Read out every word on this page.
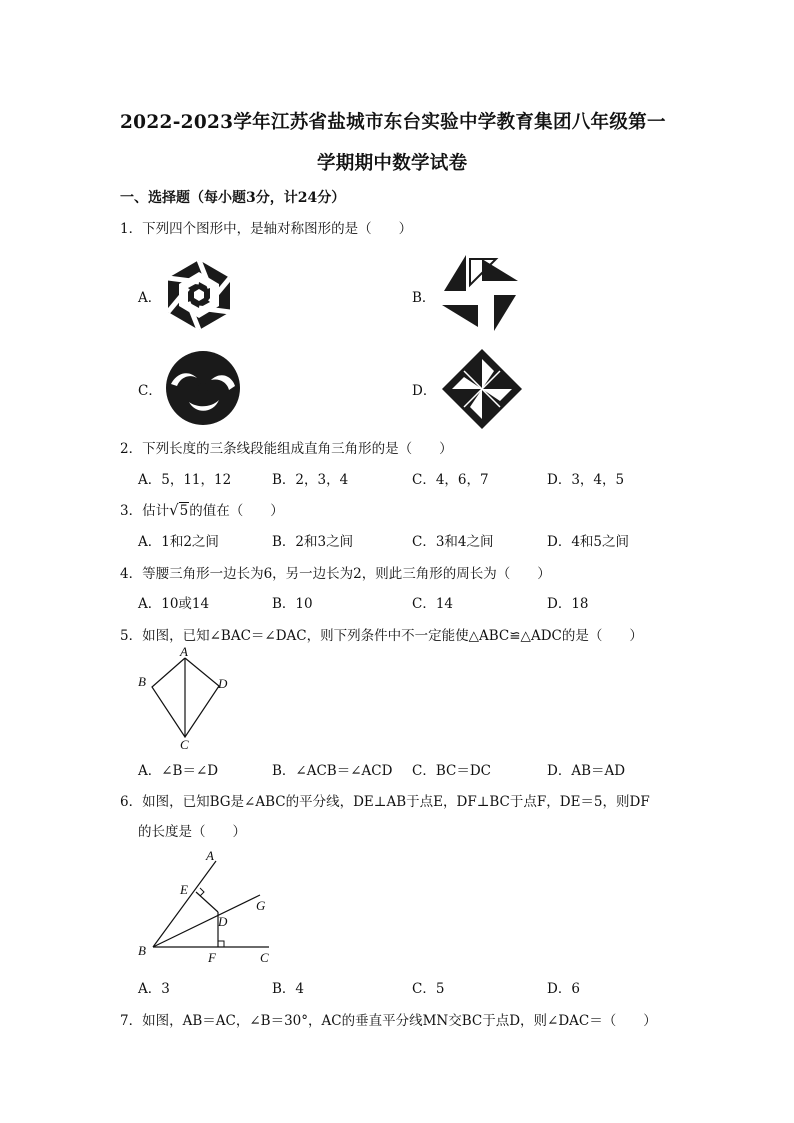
2022-2023学年江苏省盐城市东台实验中学教育集团八年级第一
学期期中数学试卷
一、选择题（每小题3分，计24分）
1．下列四个图形中，是轴对称图形的是（　　）
A．	B．
C．	D．
2．下列长度的三条线段能组成直角三角形的是（　　）
A．5，11，12	B．2，3，4	C．4，6，7	D．3，4，5
3．估计√5的值在（　　）
A．1和2之间	B．2和3之间	C．3和4之间	D．4和5之间
4．等腰三角形一边长为6，另一边长为2，则此三角形的周长为（　　）
A．10或14	B．10	C．14	D．18
5．如图，已知∠BAC＝∠DAC，则下列条件中不一定能使△ABC≌△ADC的是（　　）
A
B	D
C
A．∠B＝∠D	B．∠ACB＝∠ACD C．BC＝DC	D．AB＝AD
6．如图，已知BG是∠ABC的平分线，DE⊥AB于点E，DF⊥BC于点F，DE＝5，则DF
的长度是（　　）
A
E
D
G
B	F	C
A．3	B．4	C．5	D．6
7．如图，AB＝AC，∠B＝30°，AC的垂直平分线MN交BC于点D，则∠DAC＝（　　）
